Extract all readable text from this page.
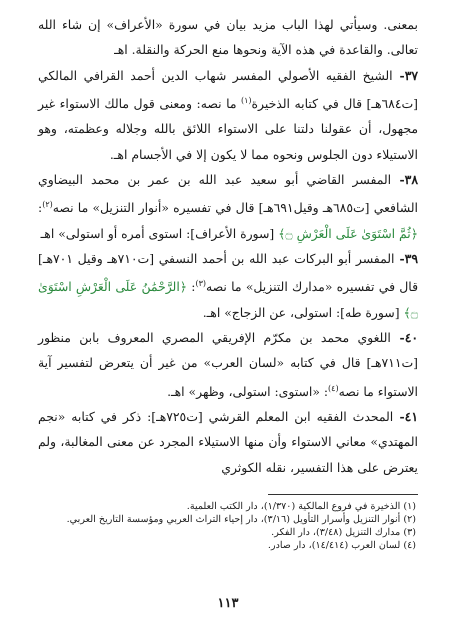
بمعنى. وسيأتي لهذا الباب مزيد بيان في سورة «الأعراف» إن شاء الله تعالى. والقاعدة في هذه الآية ونحوها منع الحركة والنقلة. اهـ

٣٧- الشيخ الفقيه الأصولي المفسر شهاب الدين أحمد القرافي المالكي [ت٦٨٤هـ] قال في كتابه الذخيرة$^{(١)}$ ما نصه: ومعنى قول مالك الاستواء غير مجهول، أن عقولنا دلتنا على الاستواء اللائق بالله وجلاله وعظمته، وهو الاستيلاء دون الجلوس ونحوه مما لا يكون إلا في الأجسام اهـ.

٣٨- المفسر القاضي أبو سعيد عبد الله بن عمر بن محمد البيضاوي الشافعي [ت٦٨٥هـ وقيل٦٩١هـ] قال في تفسيره «أنوار التنزيل» ما نصه$^{(٢)}$: ﴿ثُمَّ اسْتَوَىٰ عَلَى الْعَرْشِ ۝﴾ [سورة الأعراف]: استوى أمره أو استولى» اهـ

٣٩- المفسر أبو البركات عبد الله بن أحمد النسفي [ت٧١٠هـ وقيل ٧٠١هـ] قال في تفسيره «مدارك التنزيل» ما نصه$^{(٣)}$: ﴿الرَّحْمَٰنُ عَلَى الْعَرْشِ اسْتَوَىٰ ۝﴾ [سورة طه]: استولى، عن الزجاج» اهـ.

٤٠- اللغوي محمد بن مكرّم الإفريقي المصري المعروف بابن منظور [ت٧١١هـ] قال في كتابه «لسان العرب» من غير أن يتعرض لتفسير آية الاستواء ما نصه$^{(٤)}$: «استوى: استولى، وظهر» اهـ.

٤١- المحدث الفقيه ابن المعلم القرشي [ت٧٢٥هـ]: ذكر في كتابه «نجم المهتدي» معاني الاستواء وأن منها الاستيلاء المجرد عن معنى المغالبة، ولم يعترض على هذا التفسير، نقله الكوثري

(١) الذخيرة في فروع المالكية (١/٣٧٠)، دار الكتب العلمية.

(٢) أنوار التنزيل وأسرار التأويل (٣/١٦)، دار إحياء التراث العربي ومؤسسة التاريخ العربي.

(٣) مدارك التنزيل (٣/٤٨)، دار الفكر.

(٤) لسان العرب (١٤/٤١٤)، دار صادر.

١١٣
